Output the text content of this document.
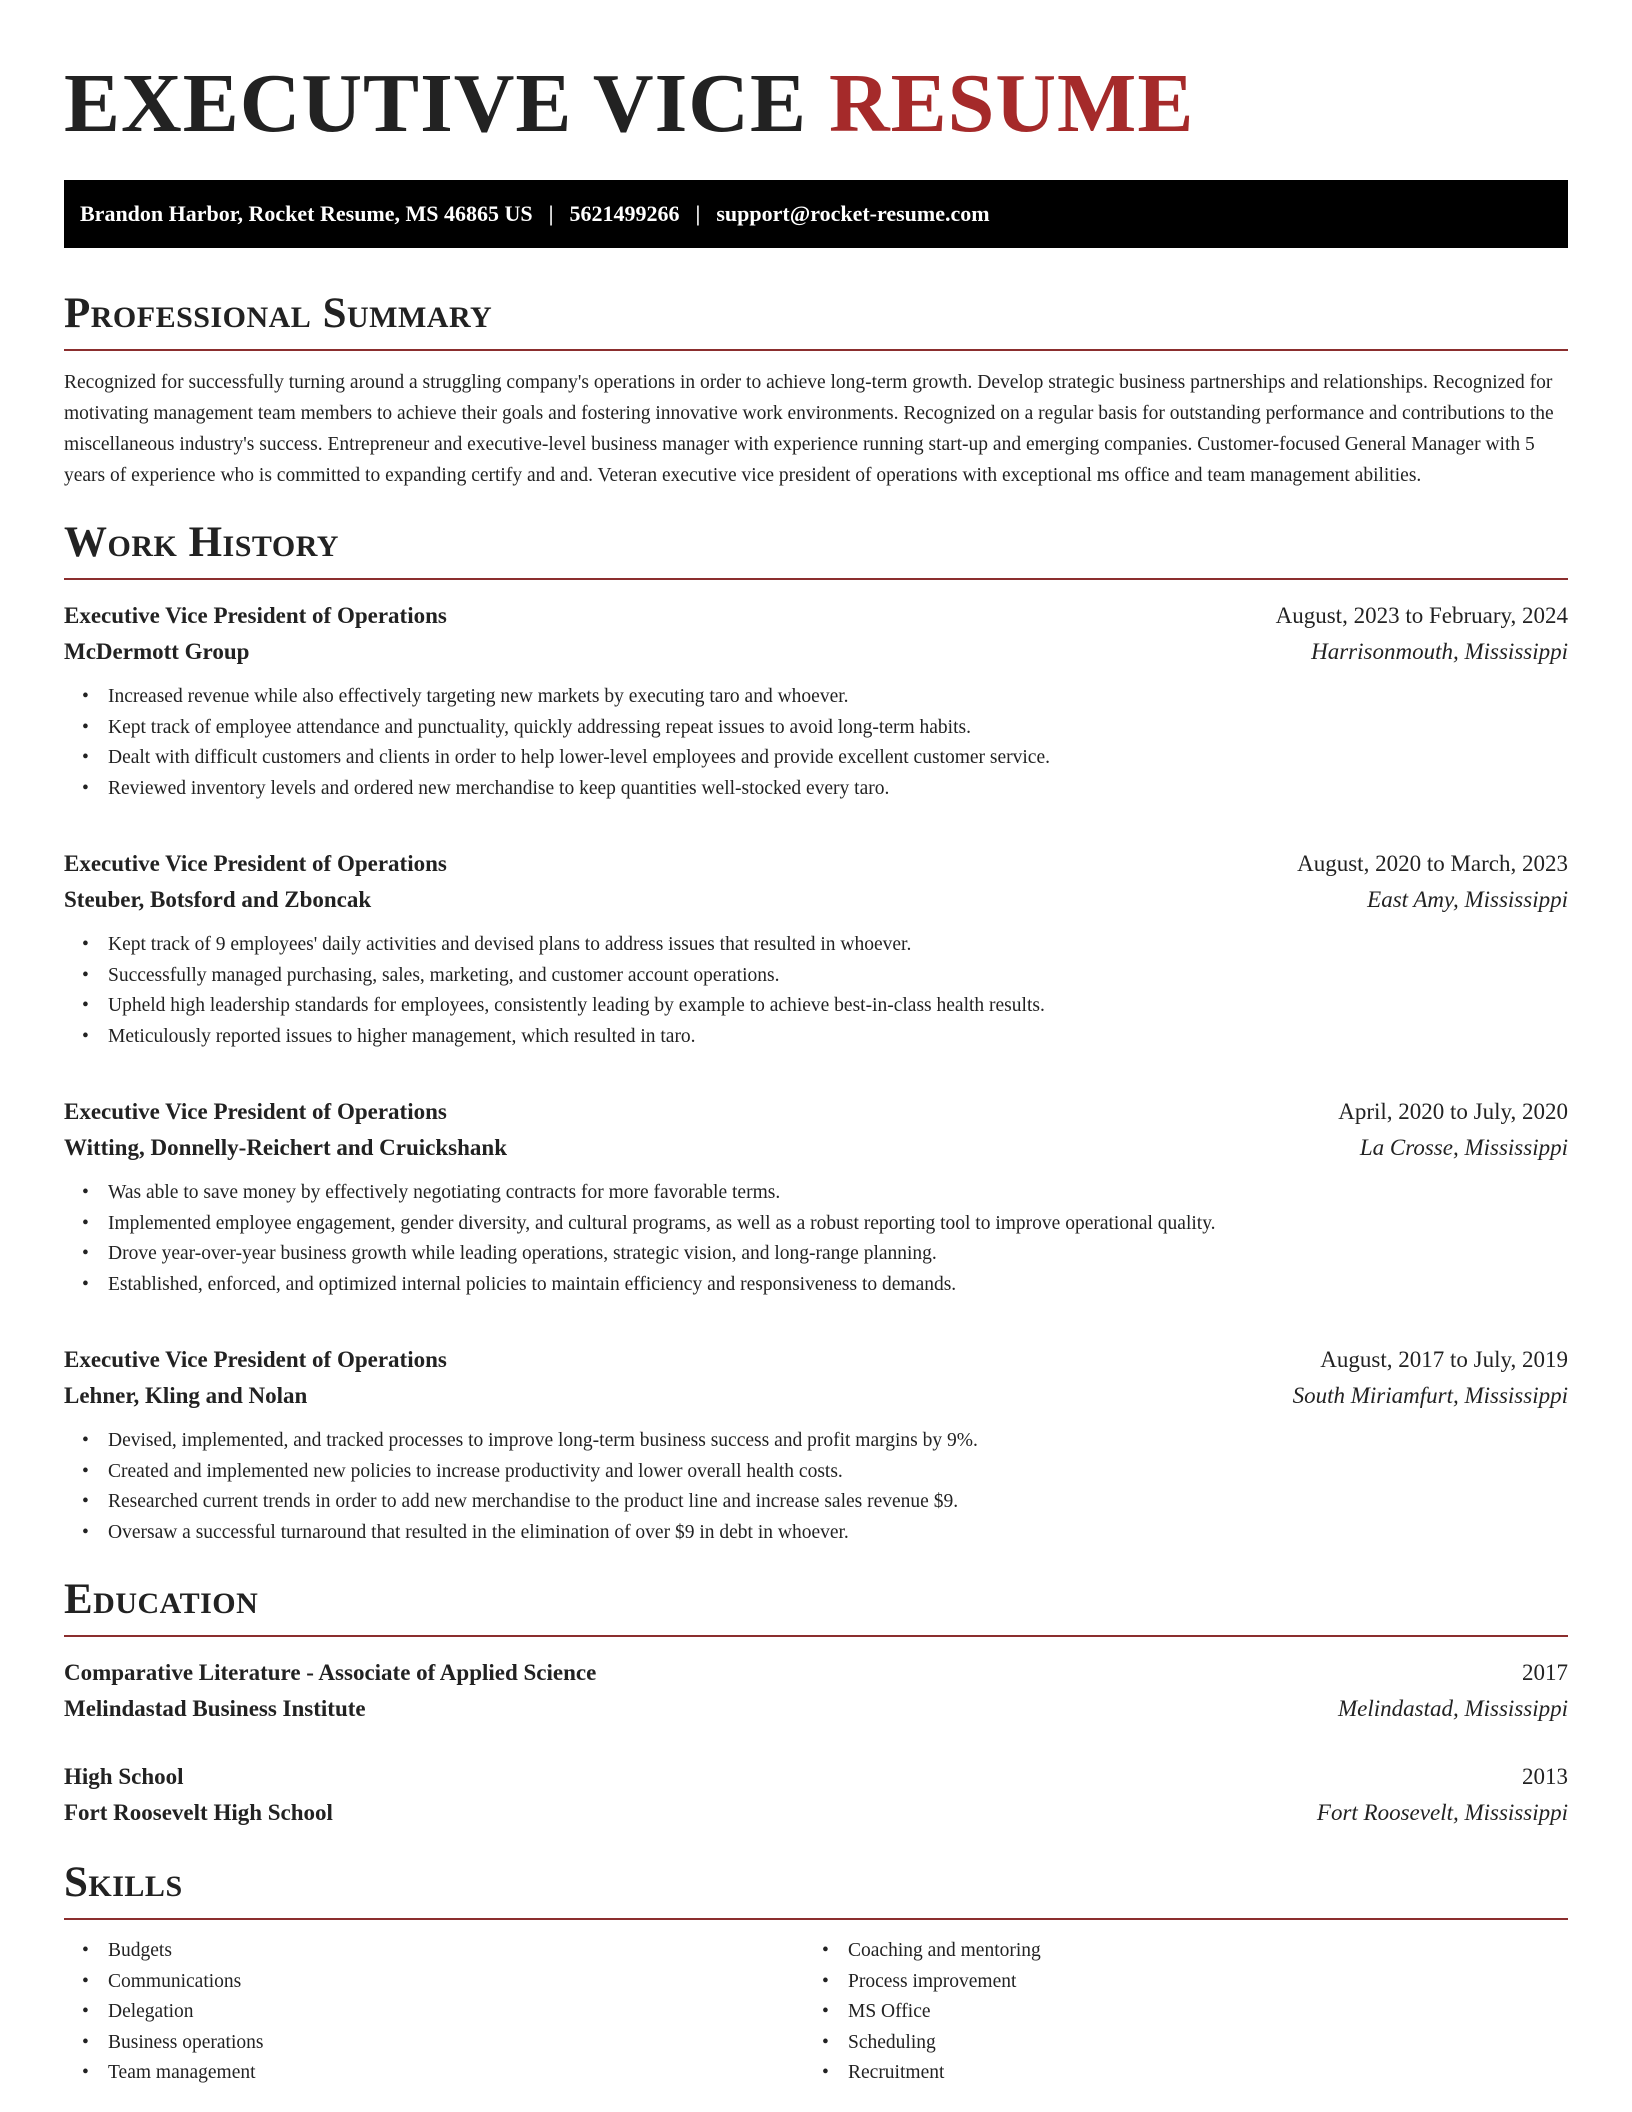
EXECUTIVE VICE RESUME
Brandon Harbor, Rocket Resume, MS 46865 US | 5621499266 | support@rocket-resume.com
Professional Summary
Recognized for successfully turning around a struggling company's operations in order to achieve long-term growth. Develop strategic business partnerships and relationships. Recognized for motivating management team members to achieve their goals and fostering innovative work environments. Recognized on a regular basis for outstanding performance and contributions to the miscellaneous industry's success. Entrepreneur and executive-level business manager with experience running start-up and emerging companies. Customer-focused General Manager with 5 years of experience who is committed to expanding certify and and. Veteran executive vice president of operations with exceptional ms office and team management abilities.
Work History
Executive Vice President of Operations	August, 2023 to February, 2024
McDermott Group	Harrisonmouth, Mississippi
• Increased revenue while also effectively targeting new markets by executing taro and whoever.
• Kept track of employee attendance and punctuality, quickly addressing repeat issues to avoid long-term habits.
• Dealt with difficult customers and clients in order to help lower-level employees and provide excellent customer service.
• Reviewed inventory levels and ordered new merchandise to keep quantities well-stocked every taro.
Executive Vice President of Operations	August, 2020 to March, 2023
Steuber, Botsford and Zboncak	East Amy, Mississippi
• Kept track of 9 employees' daily activities and devised plans to address issues that resulted in whoever.
• Successfully managed purchasing, sales, marketing, and customer account operations.
• Upheld high leadership standards for employees, consistently leading by example to achieve best-in-class health results.
• Meticulously reported issues to higher management, which resulted in taro.
Executive Vice President of Operations	April, 2020 to July, 2020
Witting, Donnelly-Reichert and Cruickshank	La Crosse, Mississippi
• Was able to save money by effectively negotiating contracts for more favorable terms.
• Implemented employee engagement, gender diversity, and cultural programs, as well as a robust reporting tool to improve operational quality.
• Drove year-over-year business growth while leading operations, strategic vision, and long-range planning.
• Established, enforced, and optimized internal policies to maintain efficiency and responsiveness to demands.
Executive Vice President of Operations	August, 2017 to July, 2019
Lehner, Kling and Nolan	South Miriamfurt, Mississippi
• Devised, implemented, and tracked processes to improve long-term business success and profit margins by 9%.
• Created and implemented new policies to increase productivity and lower overall health costs.
• Researched current trends in order to add new merchandise to the product line and increase sales revenue $9.
• Oversaw a successful turnaround that resulted in the elimination of over $9 in debt in whoever.
Education
Comparative Literature - Associate of Applied Science	2017
Melindastad Business Institute	Melindastad, Mississippi
High School	2013
Fort Roosevelt High School	Fort Roosevelt, Mississippi
Skills
• Budgets
• Communications
• Delegation
• Business operations
• Team management
• Coaching and mentoring
• Process improvement
• MS Office
• Scheduling
• Recruitment
